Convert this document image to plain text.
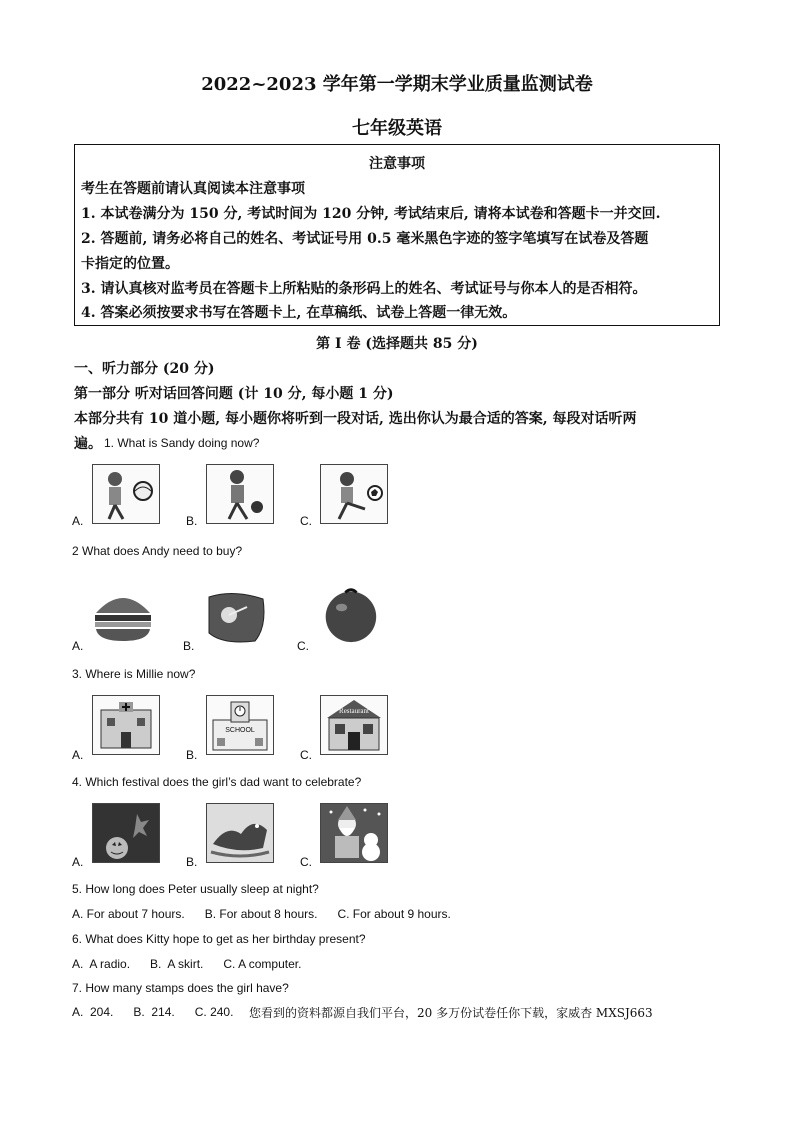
2022~2023 学年第一学期末学业质量监测试卷
七年级英语
注意事项
考生在答题前请认真阅读本注意事项
1. 本试卷满分为 150 分, 考试时间为 120 分钟, 考试结束后, 请将本试卷和答题卡一并交回.
2. 答题前, 请务必将自己的姓名、考试证号用 0.5 毫米黑色字迹的签字笔填写在试卷及答题
卡指定的位置。
3. 请认真核对监考员在答题卡上所粘贴的条形码上的姓名、考试证号与你本人的是否相符。
4. 答案必须按要求书写在答题卡上, 在草稿纸、试卷上答题一律无效。
第 I 卷 (选择题共 85 分)
一、听力部分 (20 分)
第一部分 听对话回答问题 (计 10 分, 每小题 1 分)
本部分共有 10 道小题, 每小题你将听到一段对话, 选出你认为最合适的答案, 每段对话听两
遍。 1. What is Sandy doing now?
A.	B.	C.
2 What does Andy need to buy?
A.	B.	C.
3. Where is Millie now?
A.	B.
SCHOOL
C.
Restaurant
4. Which festival does the girl’s dad want to celebrate?
A.	B.	C.
5. How long does Peter usually sleep at night?
A. For about 7 hours.      B. For about 8 hours.      C. For about 9 hours.
6. What does Kitty hope to get as her birthday present?
A.  A radio.      B.  A skirt.      C. A computer.
7. How many stamps does the girl have?
A.  204.      B.  214.      C. 240. 您看到的资料都源自我们平台，20 多万份试卷任你下载，家威杏 MXSJ663
